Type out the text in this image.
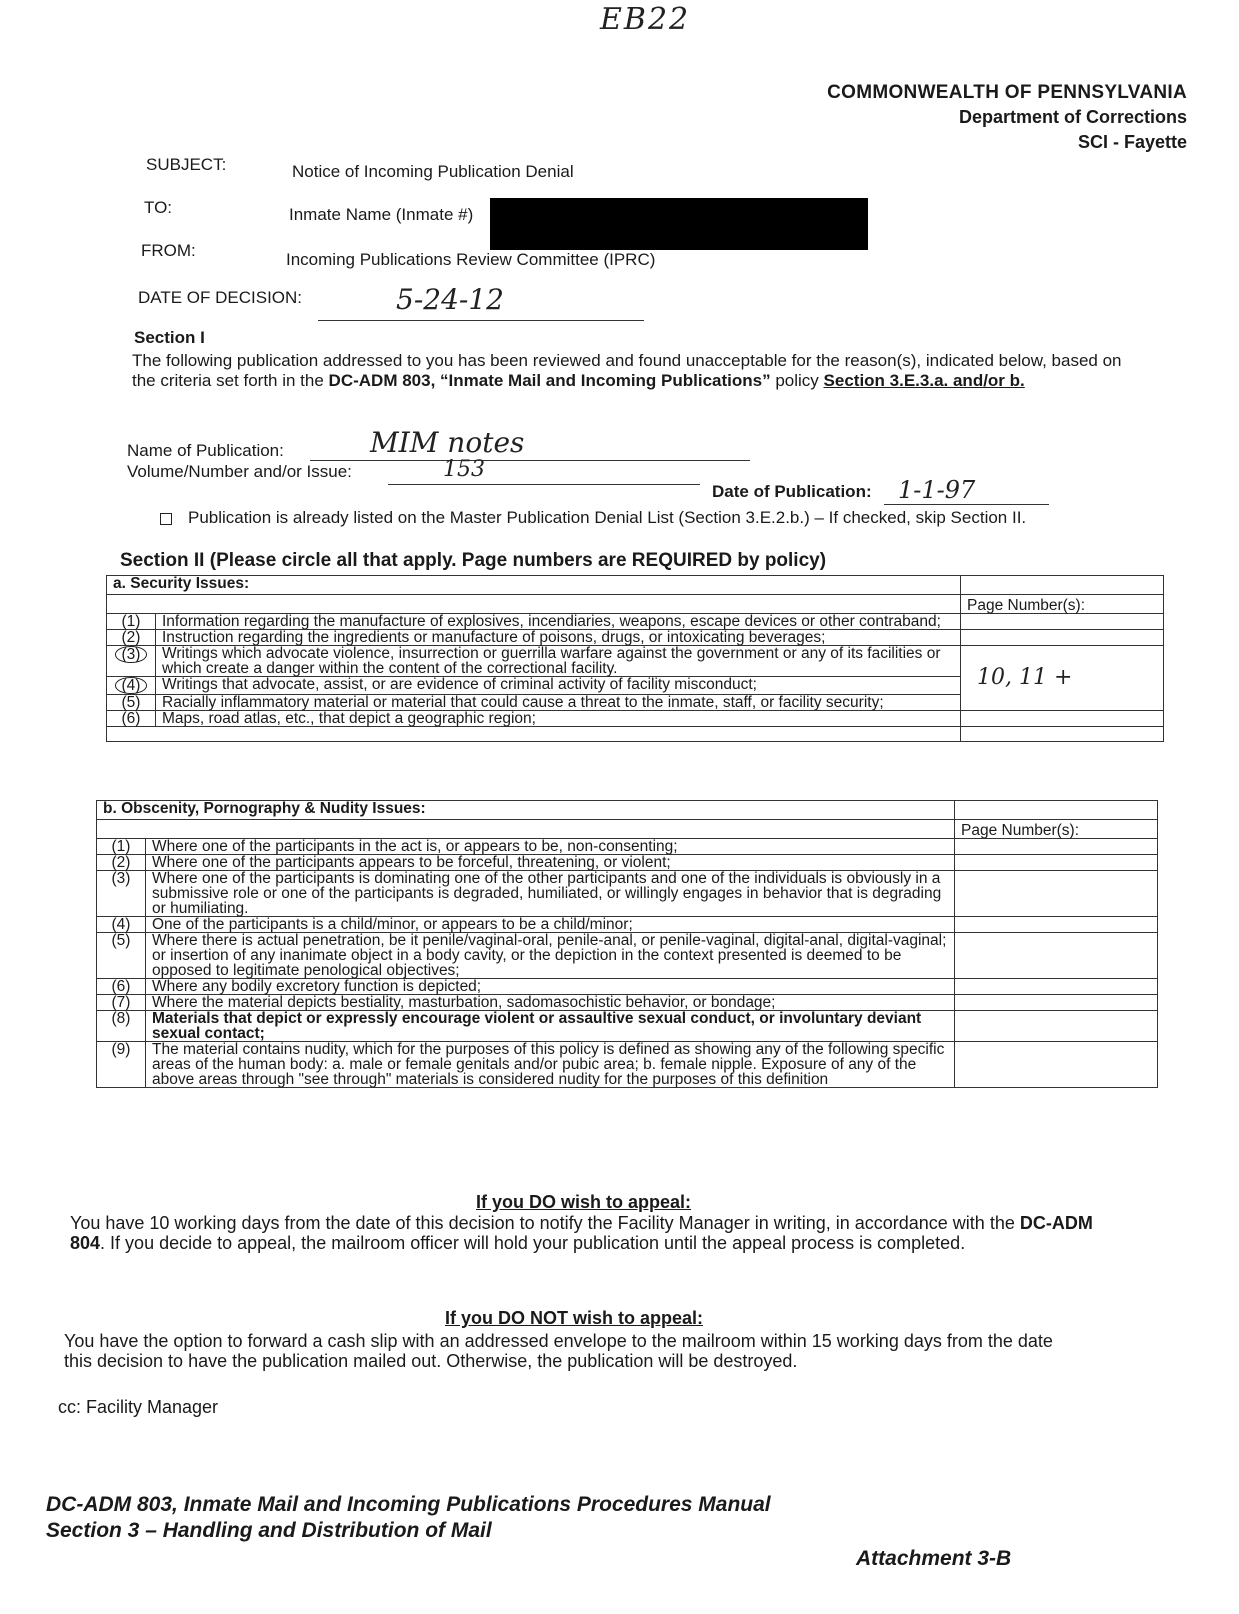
EB22
COMMONWEALTH OF PENNSYLVANIA
Department of Corrections
SCI - Fayette
SUBJECT:	Notice of Incoming Publication Denial
TO:	Inmate Name (Inmate #)
FROM:	Incoming Publications Review Committee (IPRC)
DATE OF DECISION:	5-24-12
Section I
The following publication addressed to you has been reviewed and found unacceptable for the reason(s), indicated below, based on the criteria set forth in the DC-ADM 803, “Inmate Mail and Incoming Publications” policy Section 3.E.3.a. and/or b.
Name of Publication:	MIM notes
Volume/Number and/or Issue:	153
Date of Publication: 1-1-97
Publication is already listed on the Master Publication Denial List (Section 3.E.2.b.) – If checked, skip Section II.
Section II (Please circle all that apply. Page numbers are REQUIRED by policy)
a. Security Issues:		
		Page Number(s):
(1)	Information regarding the manufacture of explosives, incendiaries, weapons, escape devices or other contraband;	
(2)	Instruction regarding the ingredients or manufacture of poisons, drugs, or intoxicating beverages;	
(3)	Writings which advocate violence, insurrection or guerrilla warfare against the government or any of its facilities or which create a danger within the content of the correctional facility.	10, 11 +
(4)	Writings that advocate, assist, or are evidence of criminal activity of facility misconduct;	
(5)	Racially inflammatory material or material that could cause a threat to the inmate, staff, or facility security;	
(6)	Maps, road atlas, etc., that depict a geographic region;	

b. Obscenity, Pornography & Nudity Issues:		
		Page Number(s):
(1)	Where one of the participants in the act is, or appears to be, non-consenting;	
(2)	Where one of the participants appears to be forceful, threatening, or violent;	
(3)	Where one of the participants is dominating one of the other participants and one of the individuals is obviously in a submissive role or one of the participants is degraded, humiliated, or willingly engages in behavior that is degrading or humiliating.	
(4)	One of the participants is a child/minor, or appears to be a child/minor;	
(5)	Where there is actual penetration, be it penile/vaginal-oral, penile-anal, or penile-vaginal, digital-anal, digital-vaginal; or insertion of any inanimate object in a body cavity, or the depiction in the context presented is deemed to be opposed to legitimate penological objectives;	
(6)	Where any bodily excretory function is depicted;	
(7)	Where the material depicts bestiality, masturbation, sadomasochistic behavior, or bondage;	
(8)	Materials that depict or expressly encourage violent or assaultive sexual conduct, or involuntary deviant sexual contact;	
(9)	The material contains nudity, which for the purposes of this policy is defined as showing any of the following specific areas of the human body: a. male or female genitals and/or pubic area; b. female nipple. Exposure of any of the above areas through "see through" materials is considered nudity for the purposes of this definition	
If you DO wish to appeal:
You have 10 working days from the date of this decision to notify the Facility Manager in writing, in accordance with the DC-ADM 804. If you decide to appeal, the mailroom officer will hold your publication until the appeal process is completed.
If you DO NOT wish to appeal:
You have the option to forward a cash slip with an addressed envelope to the mailroom within 15 working days from the date this decision to have the publication mailed out. Otherwise, the publication will be destroyed.
cc: Facility Manager
DC-ADM 803, Inmate Mail and Incoming Publications Procedures Manual
Section 3 – Handling and Distribution of Mail
Attachment 3-B
